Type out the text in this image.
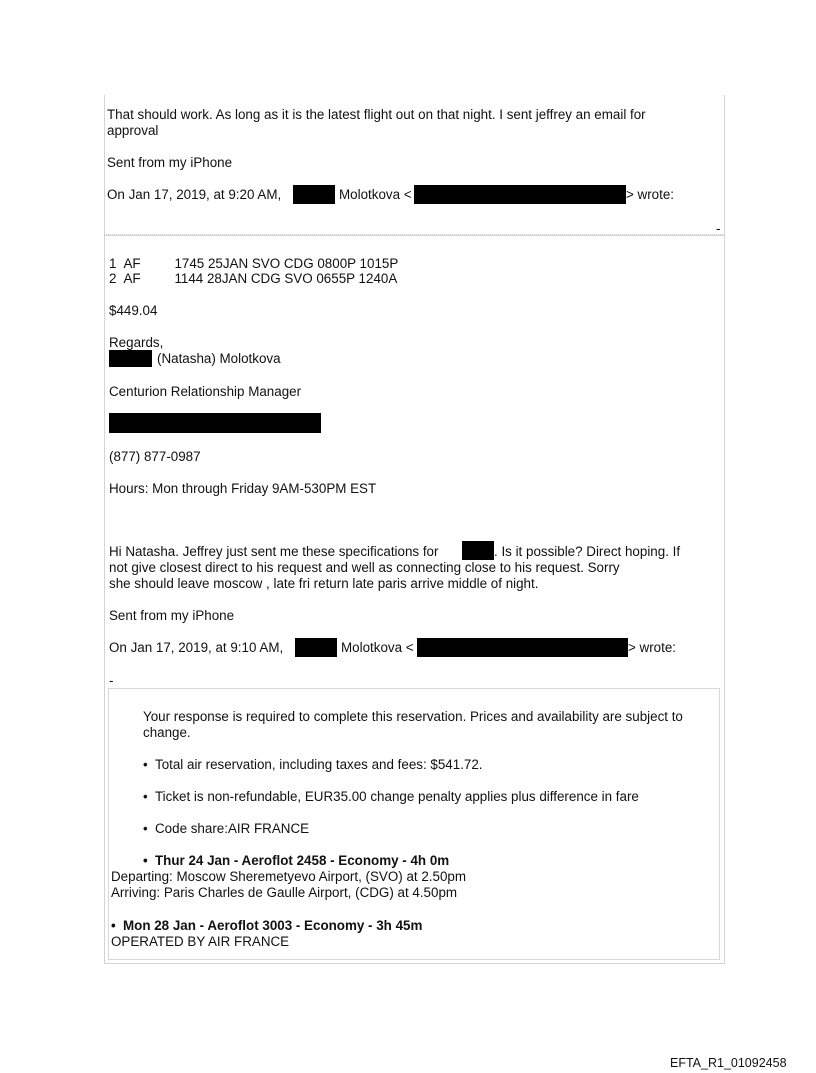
That should work. As long as it is the latest flight out on that night. I sent jeffrey an email for
approval
Sent from my iPhone
On Jan 17, 2019, at 9:20 AM,	Molotkova <	> wrote:
-
1 AF	1745 25JAN SVO CDG 0800P 1015P
2 AF	1144 28JAN CDG SVO 0655P 1240A
$449.04
Regards,
(Natasha) Molotkova
Centurion Relationship Manager
(877) 877-0987
Hours: Mon through Friday 9AM-530PM EST
Hi Natasha. Jeffrey just sent me these specifications for	. Is it possible? Direct hoping. If
not give closest direct to his request and well as connecting close to his request. Sorry
she should leave moscow , late fri return late paris arrive middle of night.
Sent from my iPhone
On Jan 17, 2019, at 9:10 AM,	Molotkova <	> wrote:
-
Your response is required to complete this reservation. Prices and availability are subject to
change.
• Total air reservation, including taxes and fees: $541.72.
• Ticket is non-refundable, EUR35.00 change penalty applies plus difference in fare
• Code share:AIR FRANCE
• Thur 24 Jan - Aeroflot 2458 - Economy - 4h 0m
Departing: Moscow Sheremetyevo Airport, (SVO) at 2.50pm
Arriving: Paris Charles de Gaulle Airport, (CDG) at 4.50pm
• Mon 28 Jan - Aeroflot 3003 - Economy - 3h 45m
OPERATED BY AIR FRANCE
EFTA_R1_01092458
